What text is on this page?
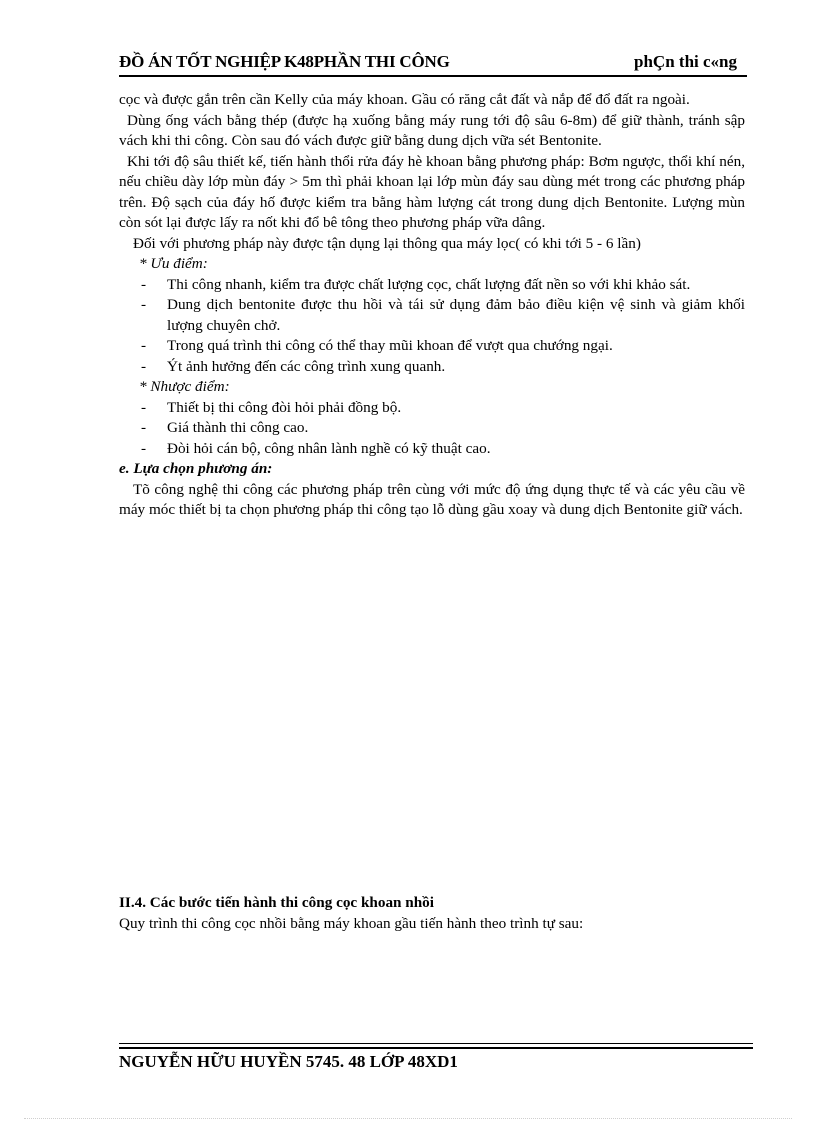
ĐỒ ÁN TỐT NGHIỆP K48PHẦN THI CÔNG	phÇn thi c«ng

cọc và được gắn trên cần Kelly của máy khoan. Gầu có răng cắt đất và nắp để đổ đất ra ngoài.

Dùng ống vách bằng thép (được hạ xuống bằng máy rung tới độ sâu 6-8m) để giữ thành, tránh sập vách khi thi công. Còn sau đó vách được giữ bằng dung dịch vữa sét Bentonite.

Khi tới độ sâu thiết kế, tiến hành thổi rửa đáy hè khoan bằng phương pháp: Bơm ngược, thổi khí nén, nếu chiều dày lớp mùn đáy > 5m thì phải khoan lại lớp mùn đáy sau dùng mét trong các phương pháp trên. Độ sạch của đáy hố được kiểm tra bằng hàm lượng cát trong dung dịch Bentonite. Lượng mùn còn sót lại được lấy ra nốt khi đổ bê tông theo phương pháp vữa dâng.

Đối với phương pháp này được tận dụng lại thông qua máy lọc( có khi tới 5 - 6 lần)

* Ưu điểm:

-	Thi công nhanh, kiểm tra được chất lượng cọc, chất lượng đất nền so với khi khảo sát.
-	Dung dịch bentonite được thu hồi và tái sử dụng đảm bảo điều kiện vệ sinh và giảm khối lượng chuyên chở.
-	Trong quá trình thi công có thể thay mũi khoan để vượt qua chướng ngại.
-	Ýt ảnh hưởng đến các công trình xung quanh.

* Nhược điểm:

-	Thiết bị thi công đòi hỏi phải đồng bộ.
-	Giá thành thi công cao.
-	Đòi hỏi cán bộ, công nhân lành nghề có kỹ thuật cao.

e. Lựa chọn phương án:

Tõ công nghệ thi công các phương pháp trên cùng với mức độ ứng dụng thực tế và các yêu cầu về máy móc thiết bị ta chọn phương pháp thi công tạo lỗ dùng gầu xoay và dung dịch Bentonite giữ vách.

II.4. Các bước tiến hành thi công cọc khoan nhồi

Quy trình thi công cọc nhồi bằng máy khoan gầu tiến hành theo trình tự sau:

NGUYỄN HỮU HUYỀN 5745. 48 LỚP 48XD1
